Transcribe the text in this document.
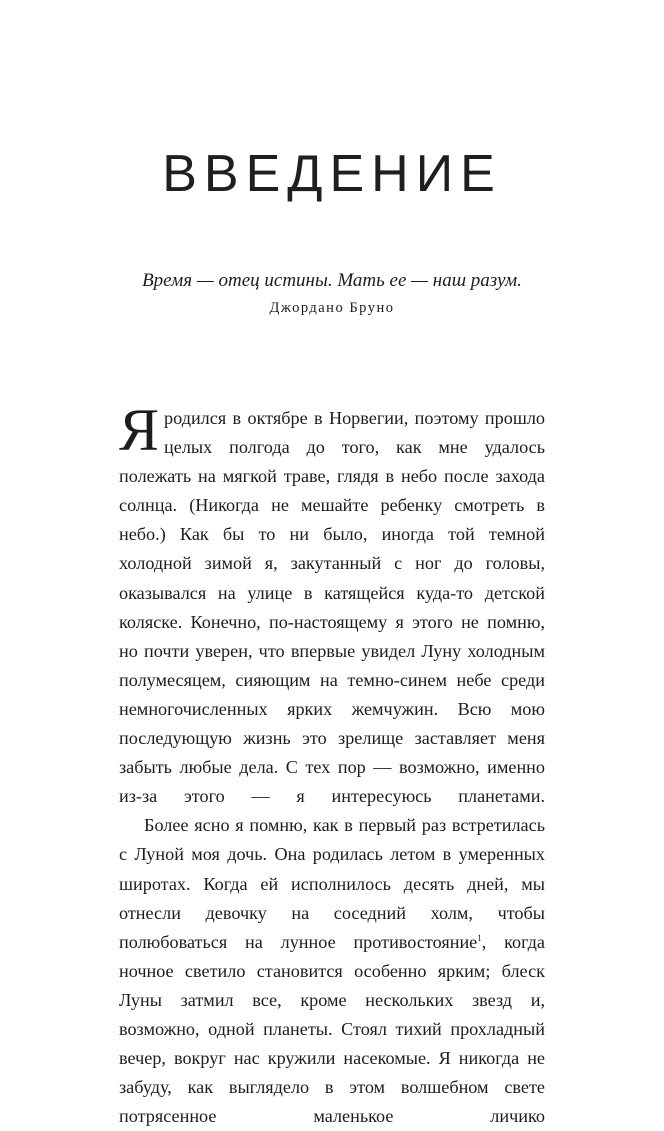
ВВЕДЕНИЕ
Время — отец истины. Мать ее — наш разум.
Джордано Бруно

Я родился в октябре в Норвегии, поэтому прошло целых полгода до того, как мне удалось полежать на мягкой траве, глядя в небо после захода солнца. (Никогда не мешайте ребенку смотреть в небо.) Как бы то ни было, иногда той темной холодной зимой я, закутанный с ног до головы, оказывался на улице в катящейся куда-то детской коляске. Конечно, по-настоящему я этого не помню, но почти уверен, что впервые увидел Луну холодным полумесяцем, сияющим на темно-синем небе среди немногочисленных ярких жемчужин. Всю мою последующую жизнь это зрелище заставляет меня забыть любые дела. С тех пор — возможно, именно из-за этого — я интересуюсь планетами.

Более ясно я помню, как в первый раз встретилась с Луной моя дочь. Она родилась летом в умеренных широтах. Когда ей исполнилось десять дней, мы отнесли девочку на соседний холм, чтобы полюбоваться на лунное противостояние$^1$, когда ночное светило становится особенно ярким; блеск Луны затмил все, кроме нескольких звезд и, возможно, одной планеты. Стоял тихий прохладный вечер, вокруг нас кружили насекомые. Я никогда не забуду, как выглядело в этом волшебном свете потрясенное маленькое личико
